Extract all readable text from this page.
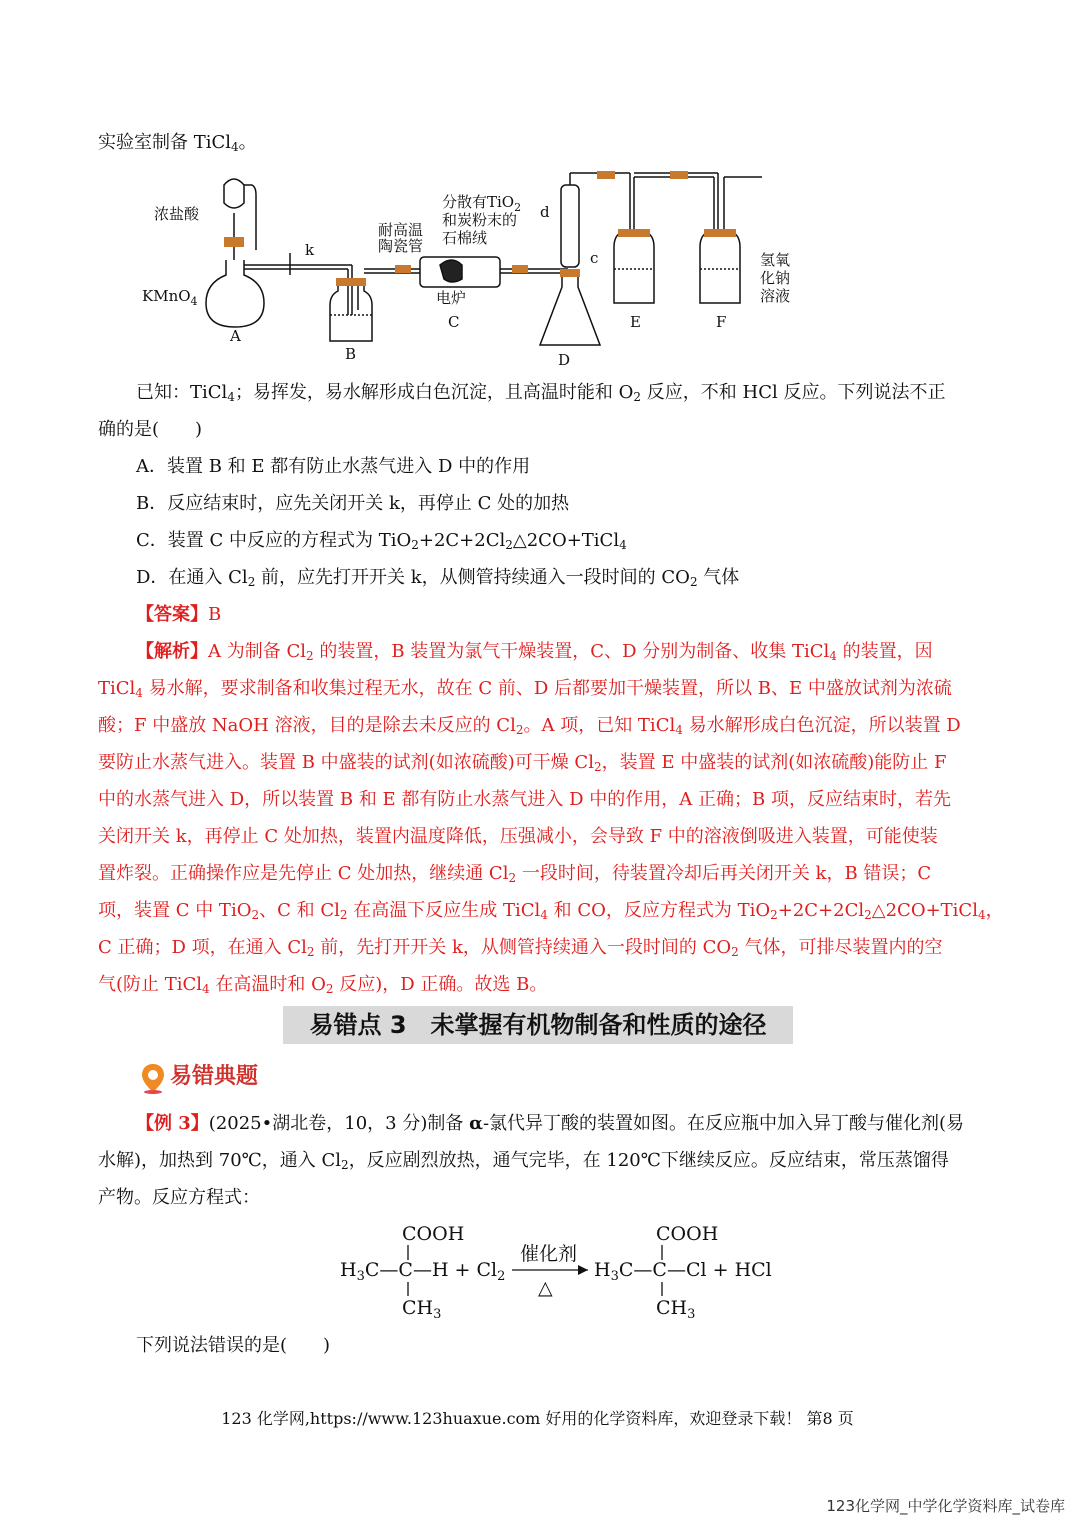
实验室制备 TiCl$_4$。
浓盐酸
KMnO$_4$
k
耐高温
陶瓷管
分散有TiO$_2$
和炭粉末的
石棉绒
电炉
d
c	氢氧
化钠
溶液
A
B
C
D
E	F
已知：TiCl$_4$；易挥发，易水解形成白色沉淀，且高温时能和 $O_2$ 反应，不和 HCl 反应。下列说法不正
确的是(　　)
A．装置 B 和 E 都有防止水蒸气进入 D 中的作用
B．反应结束时，应先关闭开关 k，再停止 C 处的加热
C．装置 C 中反应的方程式为 $TiO_2+2C+2Cl_2\triangle 2CO+TiCl_4$
D．在通入 $Cl_2$ 前，应先打开开关 k，从侧管持续通入一段时间的 $CO_2$ 气体
【答案】B
【解析】A 为制备 $Cl_2$ 的装置，B 装置为氯气干燥装置，C、D 分别为制备、收集 TiCl$_4$ 的装置，因
TiCl$_4$ 易水解，要求制备和收集过程无水，故在 C 前、D 后都要加干燥装置，所以 B、E 中盛放试剂为浓硫
酸；F 中盛放 NaOH 溶液，目的是除去未反应的 $Cl_2$。A 项，已知 TiCl$_4$ 易水解形成白色沉淀，所以装置 D
要防止水蒸气进入。装置 B 中盛装的试剂(如浓硫酸)可干燥 $Cl_2$，装置 E 中盛装的试剂(如浓硫酸)能防止 F
中的水蒸气进入 D，所以装置 B 和 E 都有防止水蒸气进入 D 中的作用，A 正确；B 项，反应结束时，若先
关闭开关 k，再停止 C 处加热，装置内温度降低，压强减小，会导致 F 中的溶液倒吸进入装置，可能使装
置炸裂。正确操作应是先停止 C 处加热，继续通 $Cl_2$ 一段时间，待装置冷却后再关闭开关 k，B 错误；C
项，装置 C 中 TiO$_2$、C 和 $Cl_2$ 在高温下反应生成 TiCl$_4$ 和 CO，反应方程式为 $TiO_2+2C+2Cl_2\triangle 2CO+TiCl_4$，
C 正确；D 项，在通入 $Cl_2$ 前，先打开开关 k，从侧管持续通入一段时间的 $CO_2$ 气体，可排尽装置内的空
气(防止 TiCl$_4$ 在高温时和 $O_2$ 反应)，D 正确。故选 B。
易错点 3　未掌握有机物制备和性质的途径
易错典题
【例 3】(2025•湖北卷，10，3 分)制备 α-氯代异丁酸的装置如图。在反应瓶中加入异丁酸与催化剂(易
水解)，加热到 70℃，通入 $Cl_2$，反应剧烈放热，通气完毕，在 120℃下继续反应。反应结束，常压蒸馏得
产物。反应方程式：
COOH
$H_3C—C—H + Cl_2$
$CH_3$
催化剂
△
COOH
$H_3C—C—Cl$ + HCl
$CH_3$
下列说法错误的是(　　)
123 化学网,https://www.123huaxue.com 好用的化学资料库，欢迎登录下载！ 第8 页
123化学网_中学化学资料库_试卷库
